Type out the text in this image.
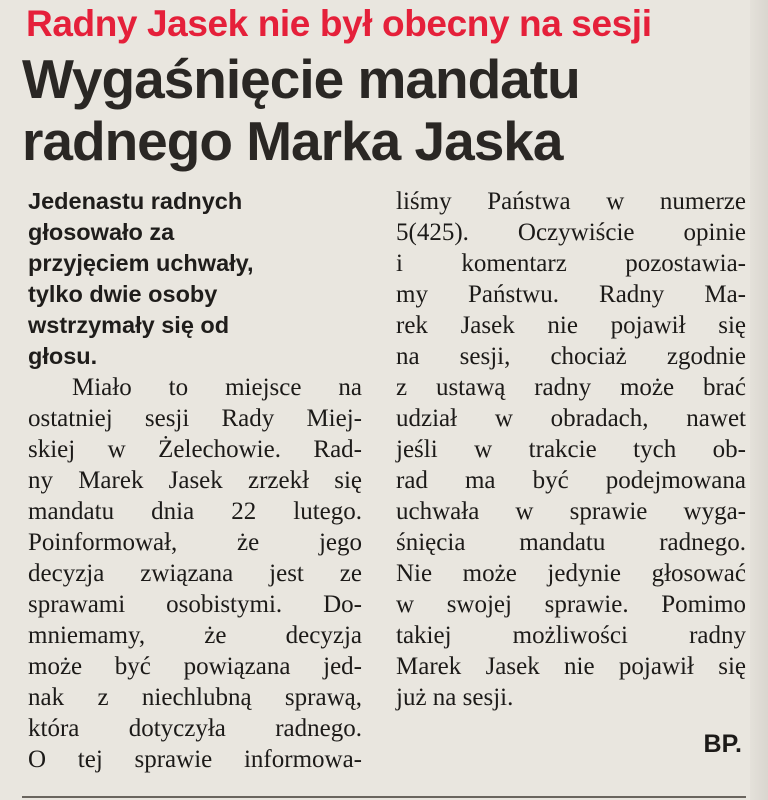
Radny Jasek nie był obecny na sesji
Wygaśnięcie mandatu
radnego Marka Jaska
Jedenastu radnych
głosowało za
przyjęciem uchwały,
tylko dwie osoby
wstrzymały się od
głosu.
Miało to miejsce na
ostatniej sesji Rady Miej-
skiej w Żelechowie. Rad-
ny Marek Jasek zrzekł się
mandatu dnia 22 lutego.
Poinformował, że jego
decyzja związana jest ze
sprawami osobistymi. Do-
mniemamy, że decyzja
może być powiązana jed-
nak z niechlubną sprawą,
która dotyczyła radnego.
O tej sprawie informowa-
liśmy Państwa w numerze
5(425). Oczywiście opinie
i komentarz pozostawia-
my Państwu. Radny Ma-
rek Jasek nie pojawił się
na sesji, chociaż zgodnie
z ustawą radny może brać
udział w obradach, nawet
jeśli w trakcie tych ob-
rad ma być podejmowana
uchwała w sprawie wyga-
śnięcia mandatu radnego.
Nie może jedynie głosować
w swojej sprawie. Pomimo
takiej możliwości radny
Marek Jasek nie pojawił się
już na sesji.
BP.
